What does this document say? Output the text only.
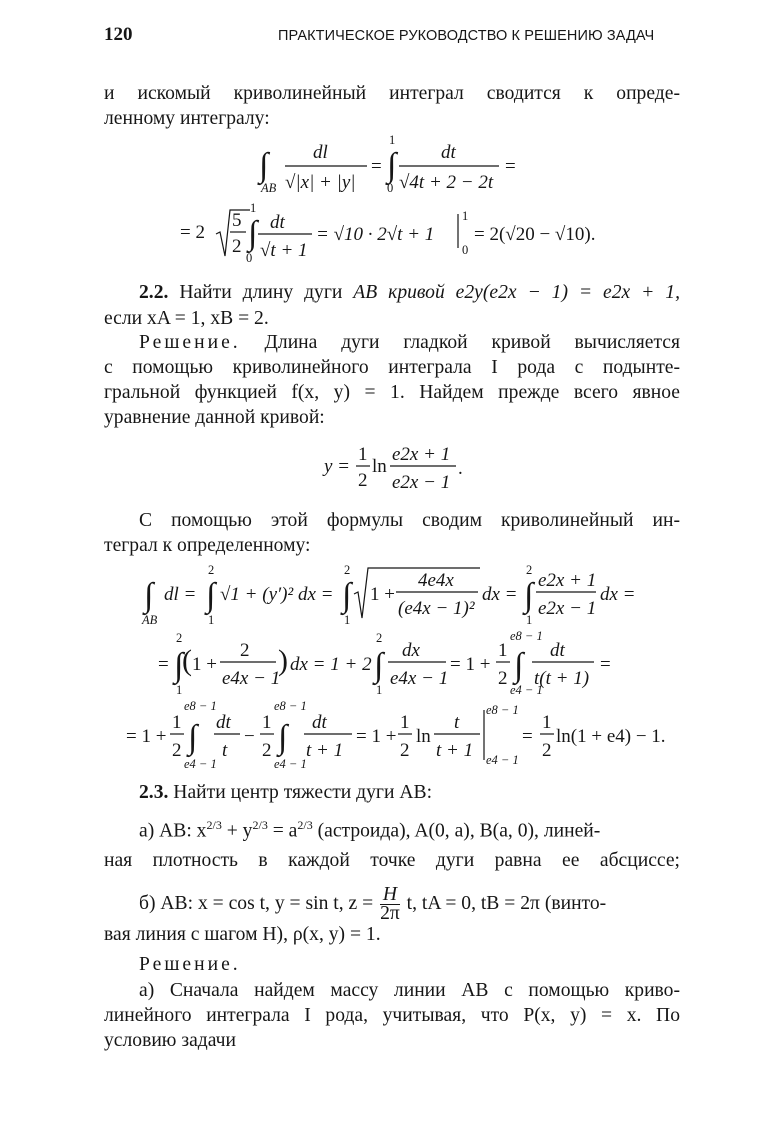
120	ПРАКТИЧЕСКОЕ РУКОВОДСТВО К РЕШЕНИЮ ЗАДАЧ
и искомый криволинейный интеграл сводится к опреде-
ленному интегралу:
∫
AB
dl
√|x| + |y|
= ∫
1
0
dt
√4t + 2 − 2t
=
= 2
5
2 ∫
1
0
dt
√t + 1
= √10 · 2√t + 1
1
0
= 2(√20 − √10).
2.2. Найти длину дуги AB кривой e2y(e2x − 1) = e2x + 1,
если xA = 1, xB = 2.
Решение. Длина дуги гладкой кривой вычисляется
с помощью криволинейного интеграла I рода с подынте-
гральной функцией f(x, y) = 1. Найдем прежде всего явное
уравнение данной кривой:
y =
1
2
ln
e2x + 1
e2x − 1
.
С помощью этой формулы сводим криволинейный ин-
теграл к определенному:
∫
AB
dl = ∫
2
1
√1 + (y′)² dx = ∫
2
1
1 +
4e4x
(e4x − 1)²
dx = ∫
2
1
e2x + 1
e2x − 1
dx =
= ∫
2
1
( 1 +
2
e4x − 1
) dx = 1 + 2 ∫
2
1
dx
e4x − 1
= 1 +
1
2 ∫
e8 − 1
e4 − 1
dt
t(t + 1)
=
= 1 +
1
2 ∫
e8 − 1
e4 − 1
dt
t
−
1
2 ∫
e8 − 1
e4 − 1
dt
t + 1
= 1 +
1
2
ln
t
t + 1
e8 − 1
e4 − 1
=
1
2
ln(1 + e4) − 1.
2.3. Найти центр тяжести дуги AB:
а) AB: $x^{2/3} + y^{2/3} = a^{2/3}$ (астроида), A(0, a), B(a, 0), линей-
ная плотность в каждой точке дуги равна ее абсциссе;
б) AB: x = cos t, y = sin t, $z = \frac{H}{2\pi} t$, tA = 0, tB = 2π (винто-
вая линия с шагом H), ρ(x, y) = 1.
Решение.
а) Сначала найдем массу линии AB с помощью криво-
линейного интеграла I рода, учитывая, что P(x, y) = x. По
условию задачи
